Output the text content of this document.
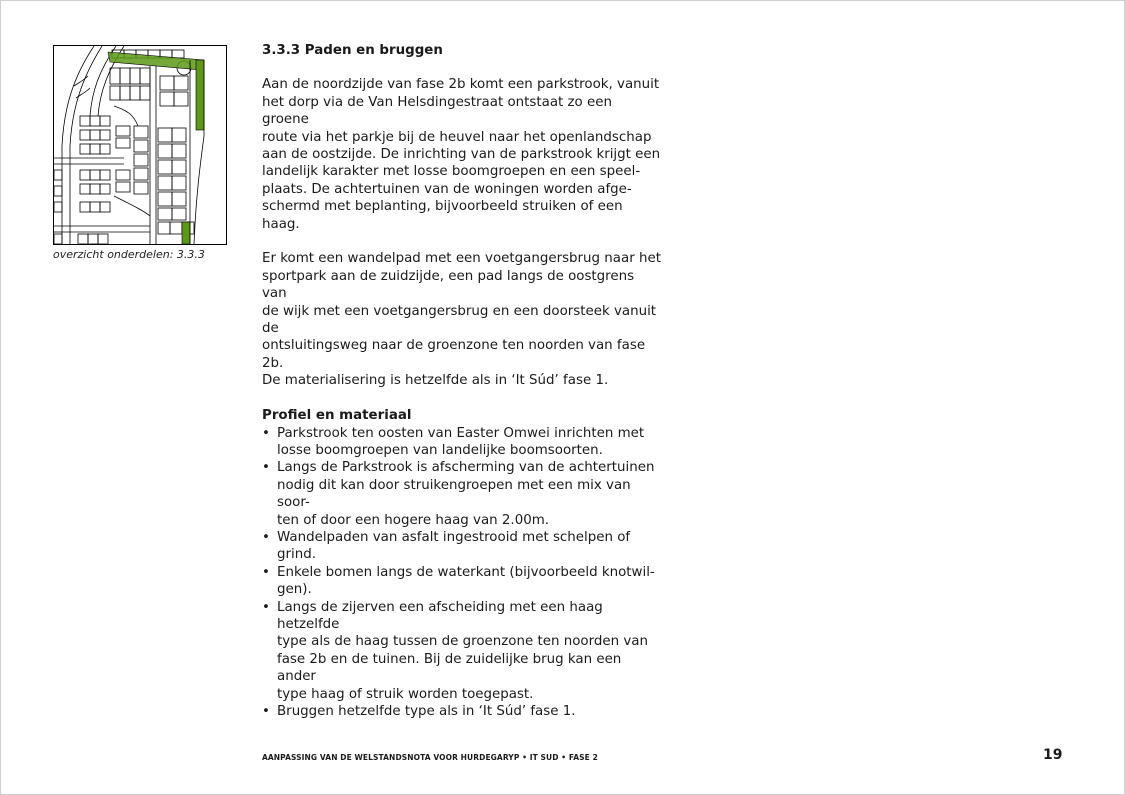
overzicht onderdelen: 3.3.3
3.3.3 Paden en bruggen

Aan de noordzijde van fase 2b komt een parkstrook, vanuit
het dorp via de Van Helsdingestraat ontstaat zo een groene
route via het parkje bij de heuvel naar het openlandschap
aan de oostzijde. De inrichting van de parkstrook krijgt een
landelijk karakter met losse boomgroepen en een speel-
plaats. De achtertuinen van de woningen worden afge-
schermd met beplanting, bijvoorbeeld struiken of een haag.

Er komt een wandelpad met een voetgangersbrug naar het
sportpark aan de zuidzijde, een pad langs de oostgrens van
de wijk met een voetgangersbrug en een doorsteek vanuit de
ontsluitingsweg naar de groenzone ten noorden van fase 2b.
De materialisering is hetzelfde als in ‘It Súd’ fase 1.

Profiel en materiaal
• Parkstrook ten oosten van Easter Omwei inrichten met
losse boomgroepen van landelijke boomsoorten.
• Langs de Parkstrook is afscherming van de achtertuinen
nodig dit kan door struikengroepen met een mix van soor-
ten of door een hogere haag van 2.00m.
• Wandelpaden van asfalt ingestrooid met schelpen of grind.
• Enkele bomen langs de waterkant (bijvoorbeeld knotwil-
gen).
• Langs de zijerven een afscheiding met een haag hetzelfde
type als de haag tussen de groenzone ten noorden van
fase 2b en de tuinen. Bij de zuidelijke brug kan een ander
type haag of struik worden toegepast.
• Bruggen hetzelfde type als in ‘It Súd’ fase 1.
AANPASSING VAN DE WELSTANDSNOTA VOOR HURDEGARYP • IT SUD • FASE 2	19
